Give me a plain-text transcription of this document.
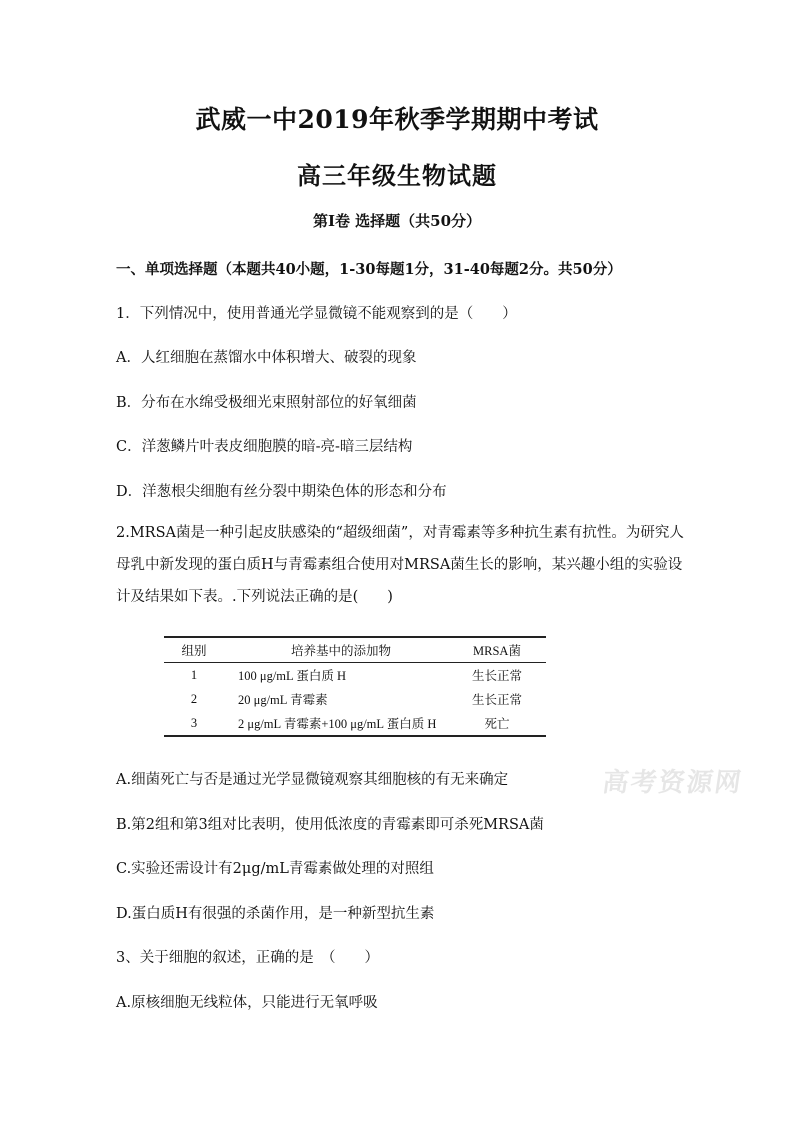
武威一中2019年秋季学期期中考试
高三年级生物试题
第Ⅰ卷 选择题（共50分）
一、单项选择题（本题共40小题，1-30每题1分，31-40每题2分。共50分）
1．下列情况中，使用普通光学显微镜不能观察到的是（　　）
A．人红细胞在蒸馏水中体积增大、破裂的现象
B．分布在水绵受极细光束照射部位的好氧细菌
C．洋葱鳞片叶表皮细胞膜的暗-亮-暗三层结构
D．洋葱根尖细胞有丝分裂中期染色体的形态和分布
2.MRSA菌是一种引起皮肤感染的“超级细菌”，对青霉素等多种抗生素有抗性。为研究人母乳中新发现的蛋白质H与青霉素组合使用对MRSA菌生长的影响，某兴趣小组的实验设计及结果如下表。.下列说法正确的是(　　)
组别	培养基中的添加物	MRSA菌
1	100 μg/mL 蛋白质 H	生长正常
2	20 μg/mL 青霉素	生长正常
3	2 μg/mL 青霉素+100 μg/mL 蛋白质 H	死亡
高考资源网
A.细菌死亡与否是通过光学显微镜观察其细胞核的有无来确定
B.第2组和第3组对比表明，使用低浓度的青霉素即可杀死MRSA菌
C.实验还需设计有2μg/mL青霉素做处理的对照组
D.蛋白质H有很强的杀菌作用，是一种新型抗生素
3、关于细胞的叙述，正确的是　（　　）
A.原核细胞无线粒体，只能进行无氧呼吸
